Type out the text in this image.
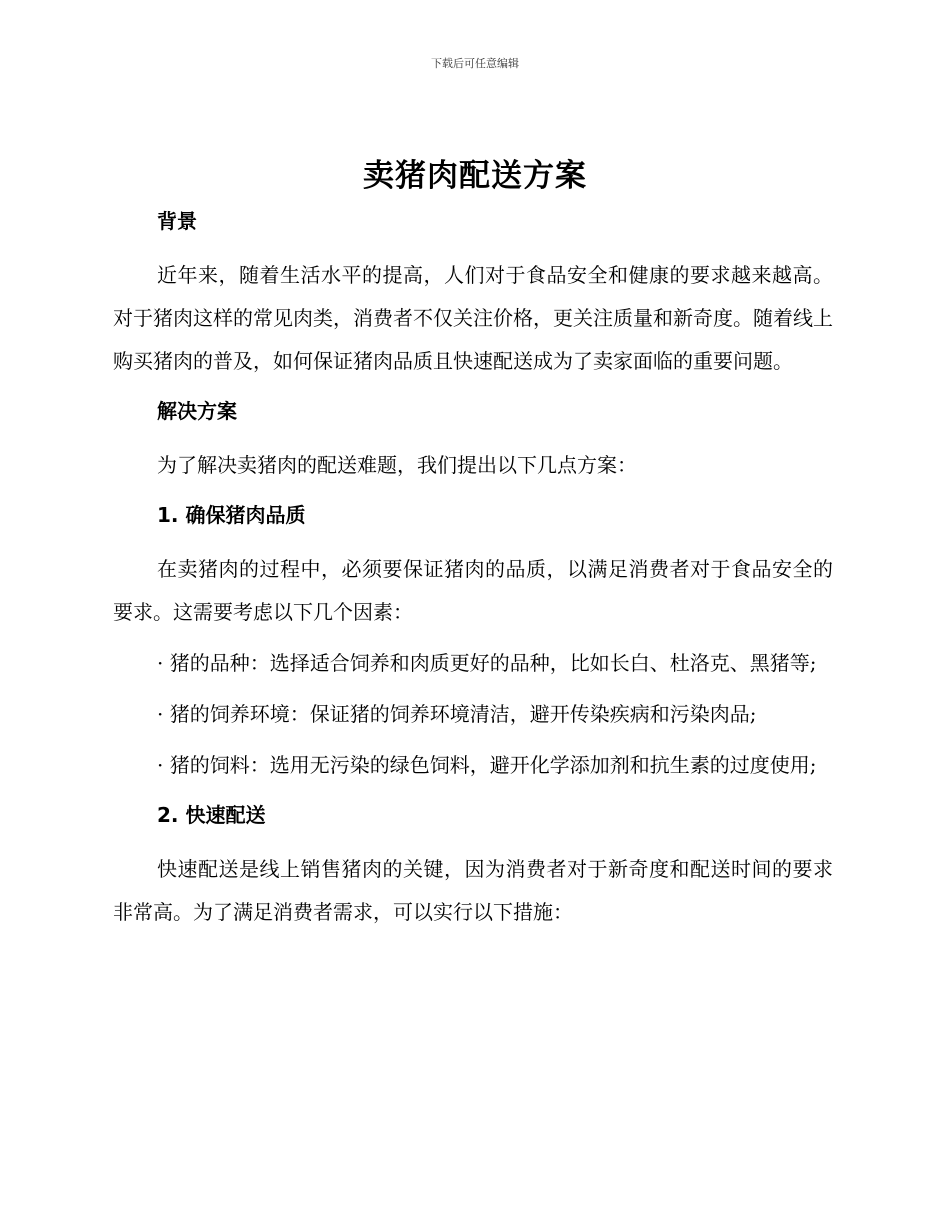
下载后可任意编辑
卖猪肉配送方案

背景

近年来，随着生活水平的提高，人们对于食品安全和健康的要求越来越高。对于猪肉这样的常见肉类，消费者不仅关注价格，更关注质量和新奇度。随着线上购买猪肉的普及，如何保证猪肉品质且快速配送成为了卖家面临的重要问题。

解决方案

为了解决卖猪肉的配送难题，我们提出以下几点方案：

1. 确保猪肉品质

在卖猪肉的过程中，必须要保证猪肉的品质，以满足消费者对于食品安全的要求。这需要考虑以下几个因素：

· 猪的品种：选择适合饲养和肉质更好的品种，比如长白、杜洛克、黑猪等;

· 猪的饲养环境：保证猪的饲养环境清洁，避开传染疾病和污染肉品;

· 猪的饲料：选用无污染的绿色饲料，避开化学添加剂和抗生素的过度使用;

2. 快速配送

快速配送是线上销售猪肉的关键，因为消费者对于新奇度和配送时间的要求非常高。为了满足消费者需求，可以实行以下措施：
